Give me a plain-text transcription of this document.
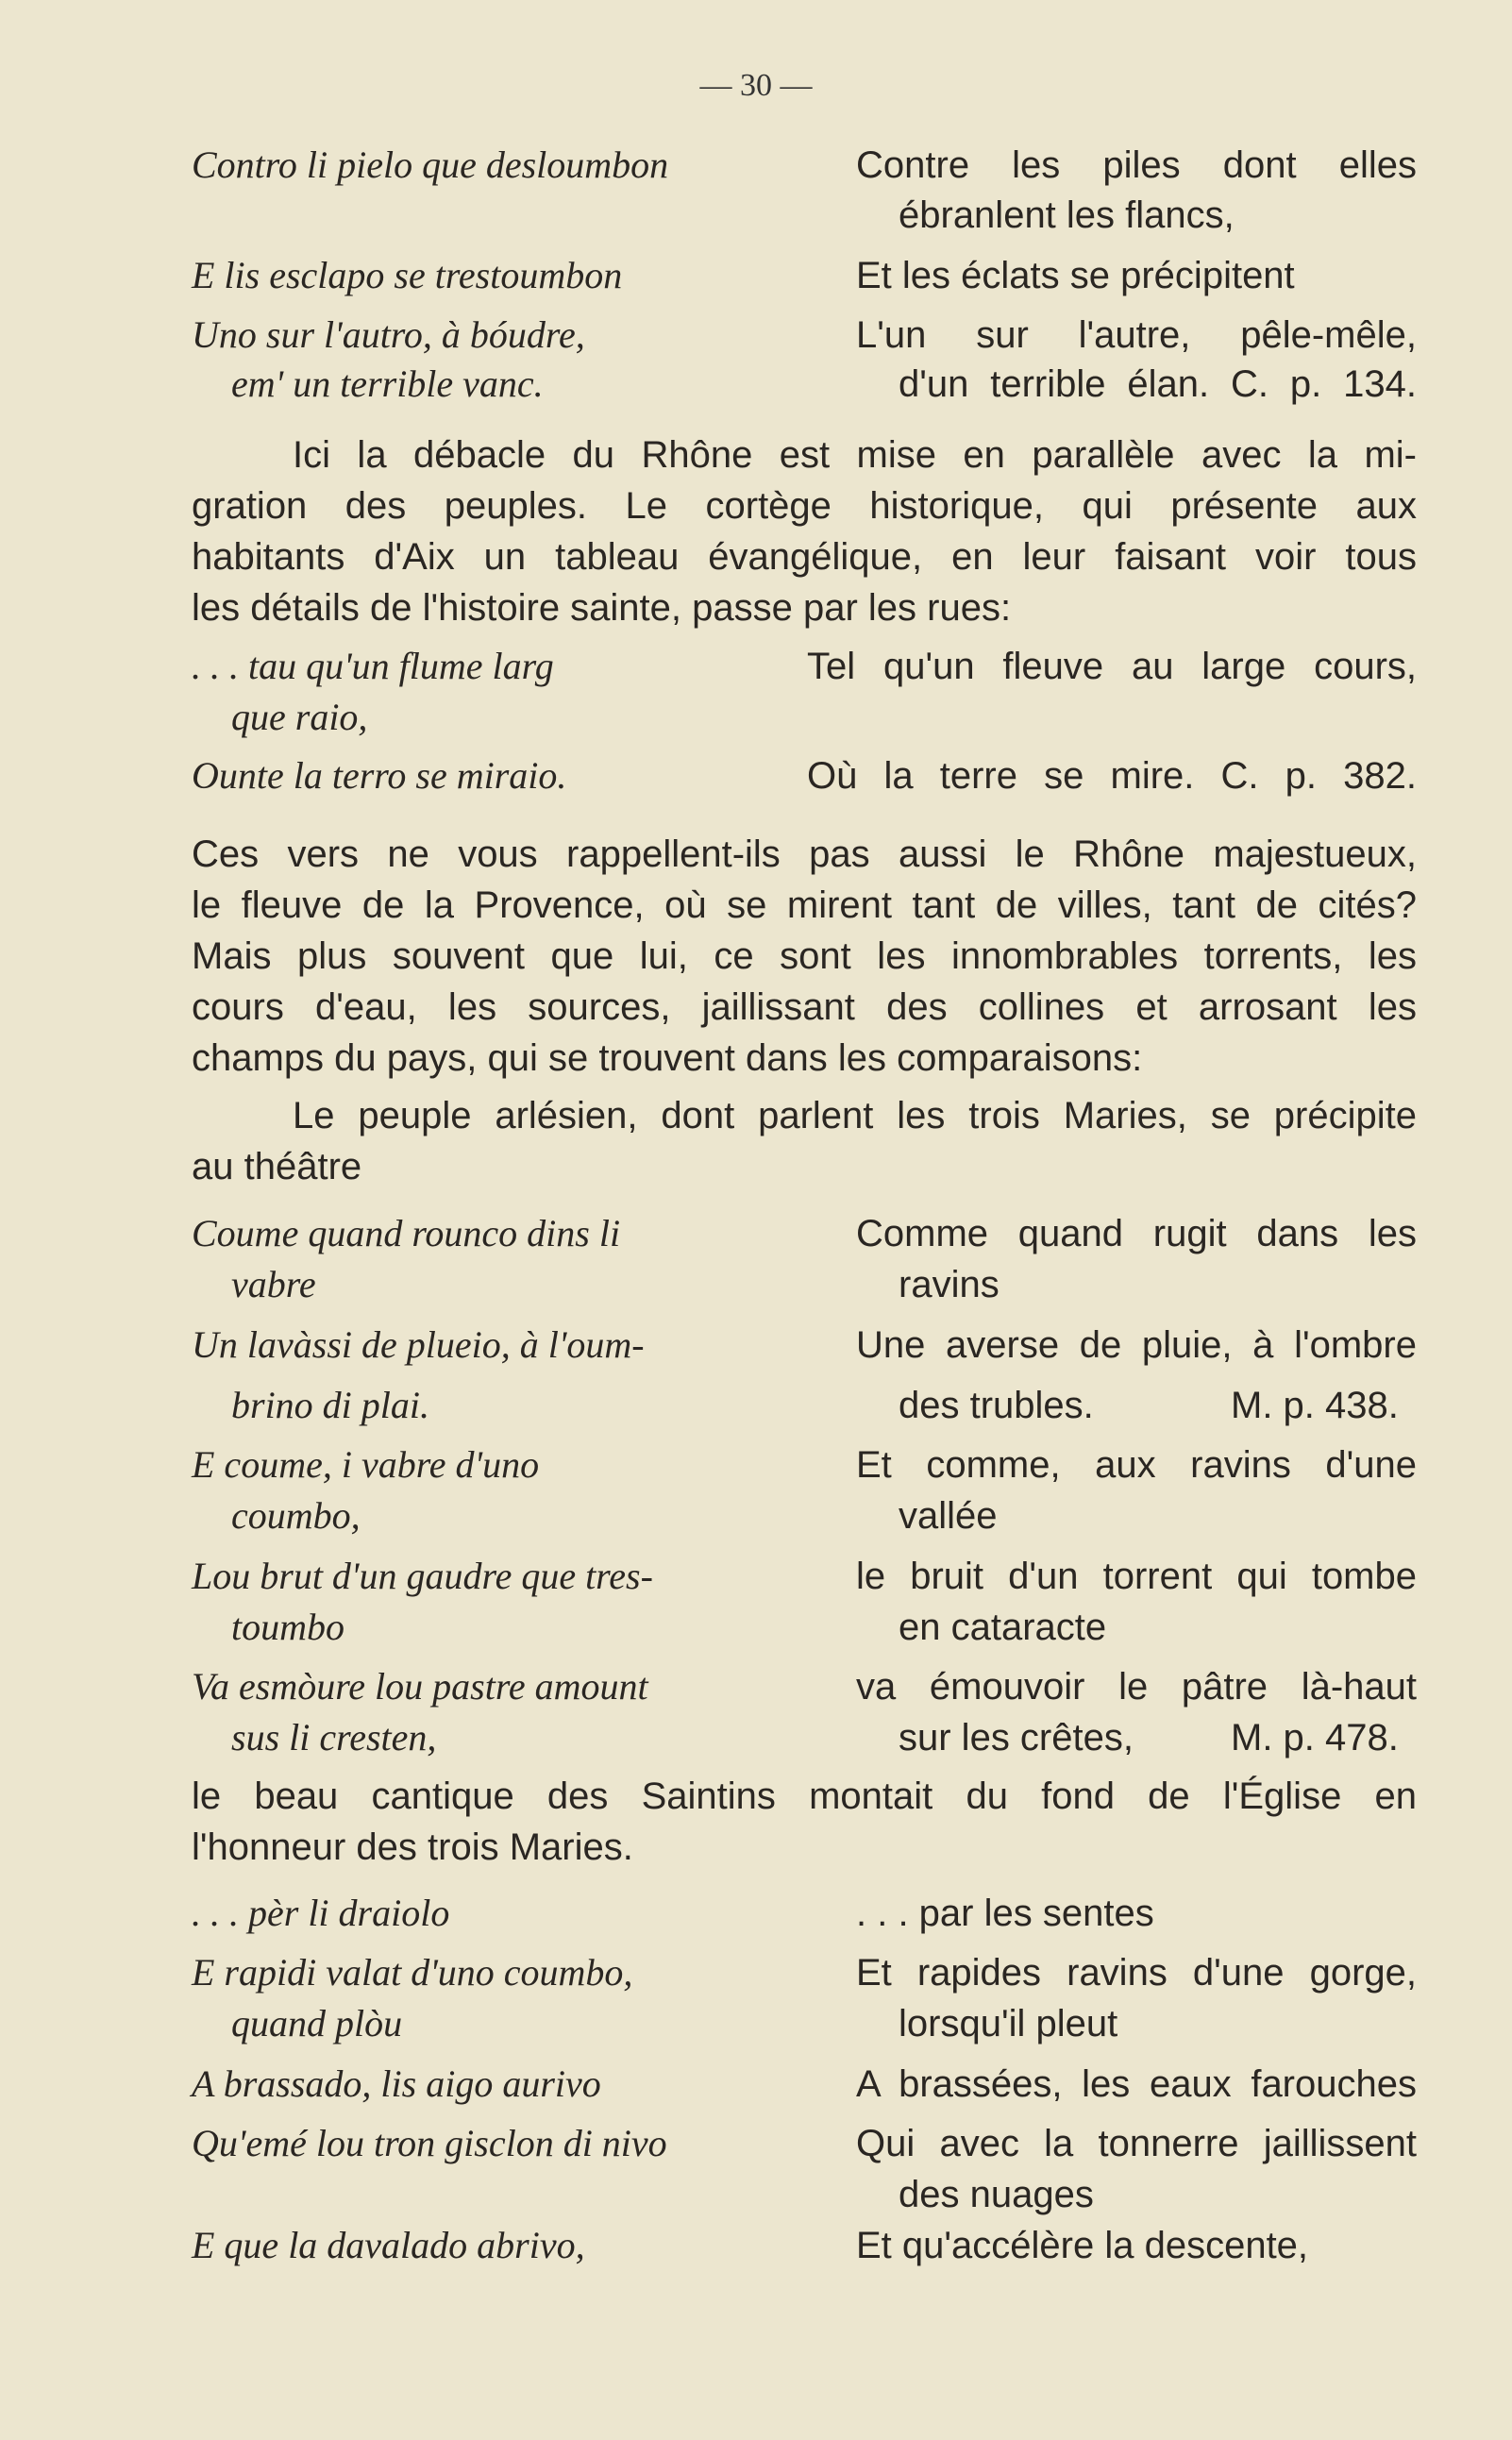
— 30 —
Contro li pielo que desloumbon
E lis esclapo se trestoumbon
Uno sur l'autro, à bóudre,
em' un terrible vanc.
Contre les piles dont elles
ébranlent les flancs,
Et les éclats se précipitent
L'un sur l'autre, pêle-mêle,
d'un terrible élan. C. p. 134.
Ici la débacle du Rhône est mise en parallèle avec la mi-
gration des peuples. Le cortège historique, qui présente aux
habitants d'Aix un tableau évangélique, en leur faisant voir tous
les détails de l'histoire sainte, passe par les rues:
. . . tau qu'un flume larg
que raio,
Ounte la terro se miraio.
Tel qu'un fleuve au large cours,
Où la terre se mire. C. p. 382.
Ces vers ne vous rappellent-ils pas aussi le Rhône majestueux,
le fleuve de la Provence, où se mirent tant de villes, tant de cités?
Mais plus souvent que lui, ce sont les innombrables torrents, les
cours d'eau, les sources, jaillissant des collines et arrosant les
champs du pays, qui se trouvent dans les comparaisons:
Le peuple arlésien, dont parlent les trois Maries, se précipite
au théâtre
Coume quand rounco dins li
vabre
Un lavàssi de plueio, à l'oum-
brino di plai.
E coume, i vabre d'uno
coumbo,
Lou brut d'un gaudre que tres-
toumbo
Va esmòure lou pastre amount
sus li cresten,
Comme quand rugit dans les
ravins
Une averse de pluie, à l'ombre
des trubles.	M. p. 438.
Et comme, aux ravins d'une
vallée
le bruit d'un torrent qui tombe
en cataracte
va émouvoir le pâtre là-haut
sur les crêtes,	M. p. 478.
le beau cantique des Saintins montait du fond de l'Église en
l'honneur des trois Maries.
. . . pèr li draiolo
E rapidi valat d'uno coumbo,
quand plòu
A brassado, lis aigo aurivo
Qu'emé lou tron gisclon di nivo
E que la davalado abrivo,
. . . par les sentes
Et rapides ravins d'une gorge,
lorsqu'il pleut
A brassées, les eaux farouches
Qui avec la tonnerre jaillissent
des nuages
Et qu'accélère la descente,
